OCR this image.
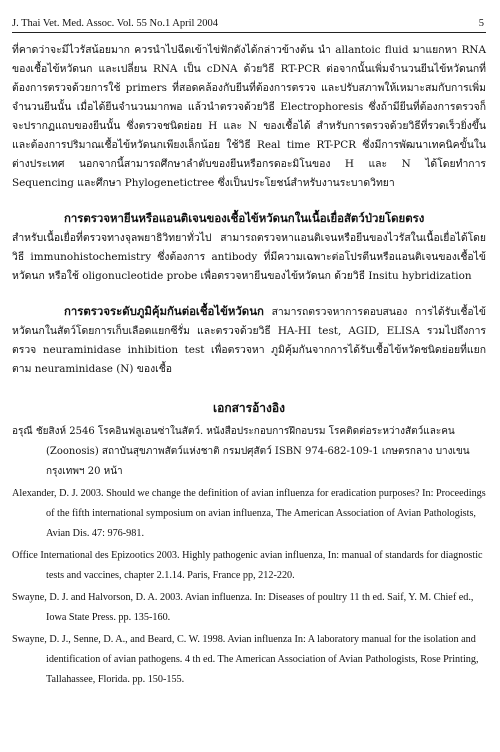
J. Thai Vet. Med. Assoc. Vol. 55 No.1 April 2004	5

ที่คาดว่าจะมีไวรัสน้อยมาก ควรนำไปฉีดเข้าไข่ฟักดังได้กล่าวข้างต้น นำ allantoic fluid มาแยกหา RNA ของเชื้อไข้หวัดนก และเปลี่ยน RNA เป็น cDNA ด้วยวิธี RT-PCR ต่อจากนั้นเพิ่มจำนวนยีนไข้หวัดนกที่ต้องการตรวจด้วยการใช้ primers ที่สอดคล้องกับยีนที่ต้องการตรวจ และปรับสภาพให้เหมาะสมกับการเพิ่มจำนวนยีนนั้น เมื่อได้ยีนจำนวนมากพอ แล้วนำตรวจด้วยวิธี Electrophoresis ซึ่งถ้ามียีนที่ต้องการตรวจก็จะปรากฏแถบของยีนนั้น ซึ่งตรวจชนิดย่อย H และ N ของเชื้อได้ สำหรับการตรวจด้วยวิธีที่รวดเร็วยิ่งขึ้นและต้องการปริมาณเชื้อไข้หวัดนกเพียงเล็กน้อย ใช้วิธี Real time RT-PCR ซึ่งมีการพัฒนาเทคนิคขั้นในต่างประเทศ นอกจากนี้สามารถศึกษาลำดับของยีนหรือกรดอะมิโนของ H และ N ได้โดยทำการ Sequencing และศึกษา Phylogenetictree ซึ่งเป็นประโยชน์สำหรับงานระบาดวิทยา

การตรวจหายีนหรือแอนติเจนของเชื้อไข้หวัดนกในเนื้อเยื่อสัตว์ป่วยโดยตรง
สำหรับเนื้อเยื่อที่ตรวจทางจุลพยาธิวิทยาทั่วไป สามารถตรวจหาแอนติเจนหรือยีนของไวรัสในเนื้อเยื่อได้โดยวิธี immunohistochemistry ซึ่งต้องการ antibody ที่มีความเฉพาะต่อโปรตีนหรือแอนติเจนของเชื้อไข้หวัดนก หรือใช้ oligonucleotide probe เพื่อตรวจหายีนของไข้หวัดนก ด้วยวิธี Insitu hybridization
การตรวจระดับภูมิคุ้มกันต่อเชื้อไข้หวัดนก สามารถตรวจหาการตอบสนอง การได้รับเชื้อไข้หวัดนกในสัตว์โดยการเก็บเลือดแยกซีรั่ม และตรวจด้วยวิธี HA-HI test, AGID, ELISA รวมไปถึงการตรวจ neuraminidase inhibition test เพื่อตรวจหา ภูมิคุ้มกันจากการได้รับเชื้อไข้หวัดชนิดย่อยที่แยกตาม neuraminidase (N) ของเชื้อ
เอกสารอ้างอิง

อรุณี ชัยสิงห์ 2546 โรคอินฟลูเอนซ่าในสัตว์. หนังสือประกอบการฝึกอบรม โรคติดต่อระหว่างสัตว์และคน (Zoonosis) สถาบันสุขภาพสัตว์แห่งชาติ กรมปศุสัตว์ ISBN 974-682-109-1 เกษตรกลาง บางเขน กรุงเทพฯ 20 หน้า

Alexander, D. J. 2003. Should we change the definition of avian influenza for eradication purposes? In: Proceedings of the fifth international symposium on avian influenza, The American Association of Avian Pathologists, Avian Dis. 47: 976-981.

Office International des Epizootics 2003. Highly pathogenic avian influenza, In: manual of standards for diagnostic tests and vaccines, chapter 2.1.14. Paris, France pp, 212-220.

Swayne, D. J. and Halvorson, D. A. 2003. Avian influenza. In: Diseases of poultry 11 th ed. Saif, Y. M. Chief ed., Iowa State Press. pp. 135-160.

Swayne, D. J., Senne, D. A., and Beard, C. W. 1998. Avian influenza In: A laboratory manual for the isolation and identification of avian pathogens. 4 th ed. The American Association of Avian Pathologists, Rose Printing, Tallahassee, Florida. pp. 150-155.
